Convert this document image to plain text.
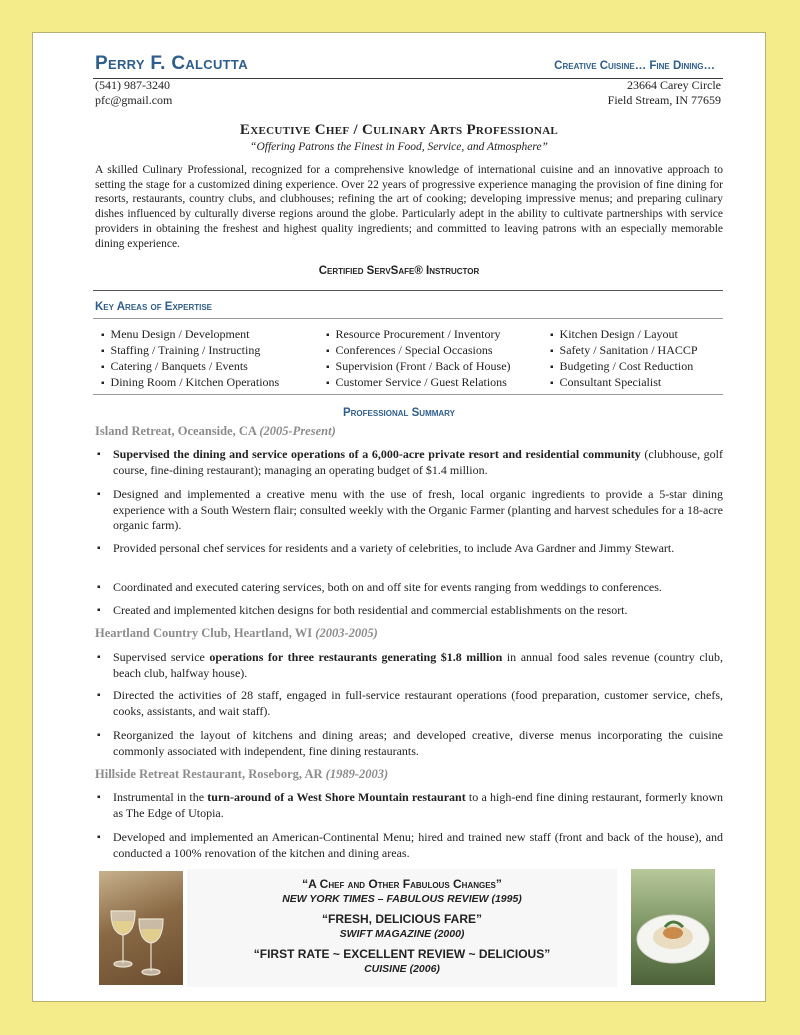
Perry F. Calcutta	Creative Cuisine… Fine Dining…
(541) 987-3240
pfc@gmail.com
23664 Carey Circle
Field Stream, IN 77659
Executive Chef / Culinary Arts Professional
“Offering Patrons the Finest in Food, Service, and Atmosphere”
A skilled Culinary Professional, recognized for a comprehensive knowledge of international cuisine and an innovative approach to setting the stage for a customized dining experience. Over 22 years of progressive experience managing the provision of fine dining for resorts, restaurants, country clubs, and clubhouses; refining the art of cooking; developing impressive menus; and preparing culinary dishes influenced by culturally diverse regions around the globe. Particularly adept in the ability to cultivate partnerships with service providers in obtaining the freshest and highest quality ingredients; and committed to leaving patrons with an especially memorable dining experience.
Certified ServSafe® Instructor
Key Areas of Expertise
▪ Menu Design / Development
▪ Staffing / Training / Instructing
▪ Catering / Banquets / Events
▪ Dining Room / Kitchen Operations
▪ Resource Procurement / Inventory
▪ Conferences / Special Occasions
▪ Supervision (Front / Back of House)
▪ Customer Service / Guest Relations
▪ Kitchen Design / Layout
▪ Safety / Sanitation / HACCP
▪ Budgeting / Cost Reduction
▪ Consultant Specialist
Professional Summary
Island Retreat, Oceanside, CA (2005-Present)
▪ Supervised the dining and service operations of a 6,000-acre private resort and residential community (clubhouse, golf course, fine-dining restaurant); managing an operating budget of $1.4 million.
▪ Designed and implemented a creative menu with the use of fresh, local organic ingredients to provide a 5-star dining experience with a South Western flair; consulted weekly with the Organic Farmer (planting and harvest schedules for a 18-acre organic farm).
▪ Provided personal chef services for residents and a variety of celebrities, to include Ava Gardner and Jimmy Stewart.
▪ Coordinated and executed catering services, both on and off site for events ranging from weddings to conferences.
▪ Created and implemented kitchen designs for both residential and commercial establishments on the resort.
Heartland Country Club, Heartland, WI (2003-2005)
▪ Supervised service operations for three restaurants generating $1.8 million in annual food sales revenue (country club, beach club, halfway house).
▪ Directed the activities of 28 staff, engaged in full-service restaurant operations (food preparation, customer service, chefs, cooks, assistants, and wait staff).
▪ Reorganized the layout of kitchens and dining areas; and developed creative, diverse menus incorporating the cuisine commonly associated with independent, fine dining restaurants.
Hillside Retreat Restaurant, Roseborg, AR (1989-2003)
▪ Instrumental in the turn-around of a West Shore Mountain restaurant to a high-end fine dining restaurant, formerly known as The Edge of Utopia.
▪ Developed and implemented an American-Continental Menu; hired and trained new staff (front and back of the house), and conducted a 100% renovation of the kitchen and dining areas.
“A Chef and Other Fabulous Changes”
NEW YORK TIMES – FABULOUS REVIEW (1995)
“FRESH, DELICIOUS FARE”
SWIFT MAGAZINE (2000)
“FIRST RATE ~ EXCELLENT REVIEW ~ DELICIOUS”
CUISINE (2006)
